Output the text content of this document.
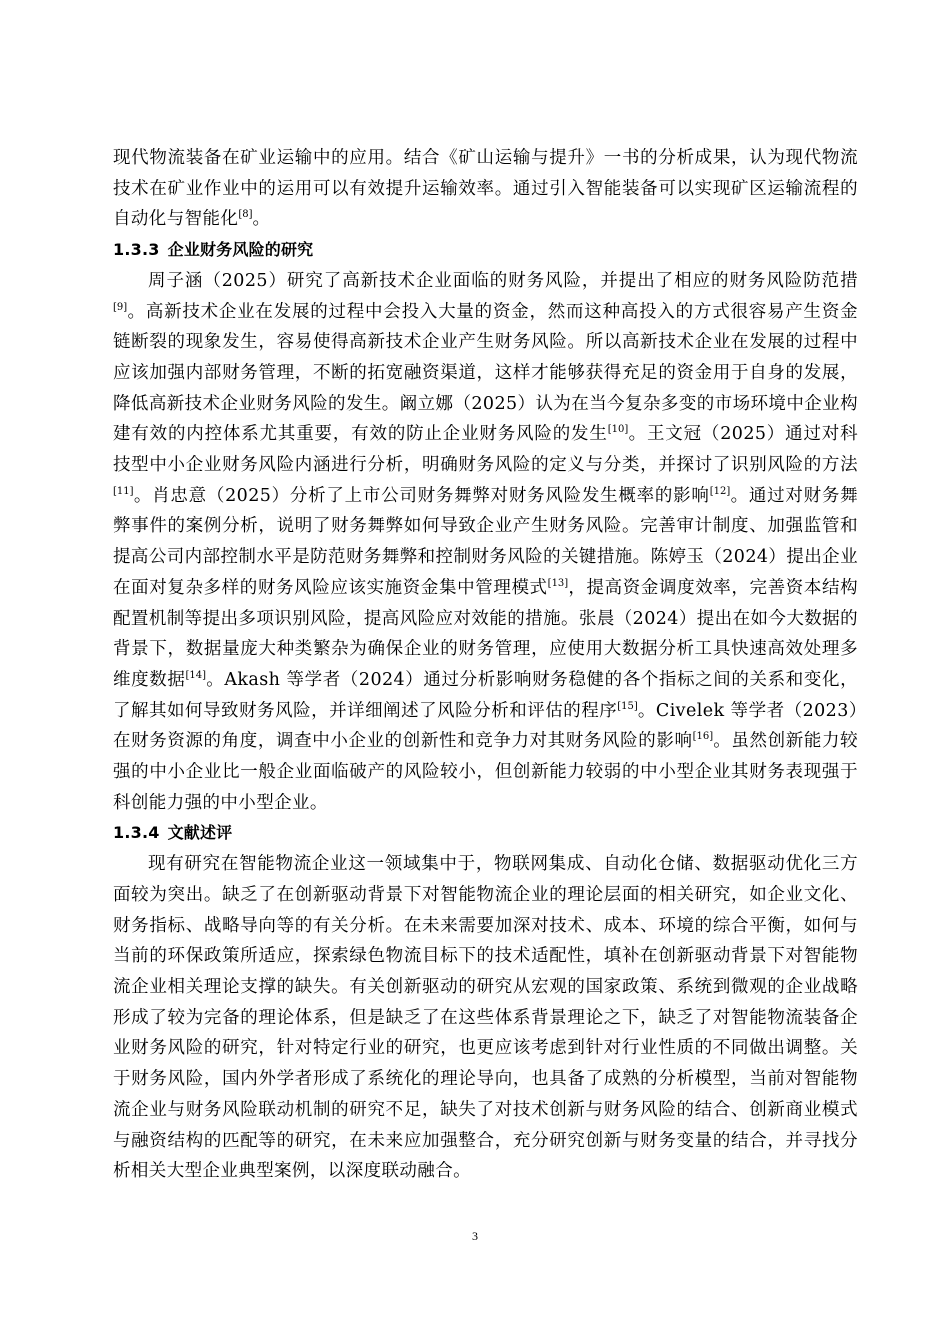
现代物流装备在矿业运输中的应用。结合《矿山运输与提升》一书的分析成果，认为现代物流技术在矿业作业中的运用可以有效提升运输效率。通过引入智能装备可以实现矿区运输流程的自动化与智能化[8]。

1.3.3 企业财务风险的研究

周子涵（2025）研究了高新技术企业面临的财务风险，并提出了相应的财务风险防范措[9]。高新技术企业在发展的过程中会投入大量的资金，然而这种高投入的方式很容易产生资金链断裂的现象发生，容易使得高新技术企业产生财务风险。所以高新技术企业在发展的过程中应该加强内部财务管理，不断的拓宽融资渠道，这样才能够获得充足的资金用于自身的发展，降低高新技术企业财务风险的发生。阚立娜（2025）认为在当今复杂多变的市场环境中企业构建有效的内控体系尤其重要，有效的防止企业财务风险的发生[10]。王文冠（2025）通过对科技型中小企业财务风险内涵进行分析，明确财务风险的定义与分类，并探讨了识别风险的方法[11]。肖忠意（2025）分析了上市公司财务舞弊对财务风险发生概率的影响[12]。通过对财务舞弊事件的案例分析，说明了财务舞弊如何导致企业产生财务风险。完善审计制度、加强监管和提高公司内部控制水平是防范财务舞弊和控制财务风险的关键措施。陈婷玉（2024）提出企业在面对复杂多样的财务风险应该实施资金集中管理模式[13]，提高资金调度效率，完善资本结构配置机制等提出多项识别风险，提高风险应对效能的措施。张晨（2024）提出在如今大数据的背景下，数据量庞大种类繁杂为确保企业的财务管理，应使用大数据分析工具快速高效处理多维度数据[14]。Akash 等学者（2024）通过分析影响财务稳健的各个指标之间的关系和变化，了解其如何导致财务风险，并详细阐述了风险分析和评估的程序[15]。Civelek 等学者（2023）在财务资源的角度，调查中小企业的创新性和竞争力对其财务风险的影响[16]。虽然创新能力较强的中小企业比一般企业面临破产的风险较小，但创新能力较弱的中小型企业其财务表现强于科创能力强的中小型企业。

1.3.4 文献述评

现有研究在智能物流企业这一领域集中于，物联网集成、自动化仓储、数据驱动优化三方面较为突出。缺乏了在创新驱动背景下对智能物流企业的理论层面的相关研究，如企业文化、财务指标、战略导向等的有关分析。在未来需要加深对技术、成本、环境的综合平衡，如何与当前的环保政策所适应，探索绿色物流目标下的技术适配性，填补在创新驱动背景下对智能物流企业相关理论支撑的缺失。有关创新驱动的研究从宏观的国家政策、系统到微观的企业战略形成了较为完备的理论体系，但是缺乏了在这些体系背景理论之下，缺乏了对智能物流装备企业财务风险的研究，针对特定行业的研究，也更应该考虑到针对行业性质的不同做出调整。关于财务风险，国内外学者形成了系统化的理论导向，也具备了成熟的分析模型，当前对智能物流企业与财务风险联动机制的研究不足，缺失了对技术创新与财务风险的结合、创新商业模式与融资结构的匹配等的研究，在未来应加强整合，充分研究创新与财务变量的结合，并寻找分析相关大型企业典型案例，以深度联动融合。

3
